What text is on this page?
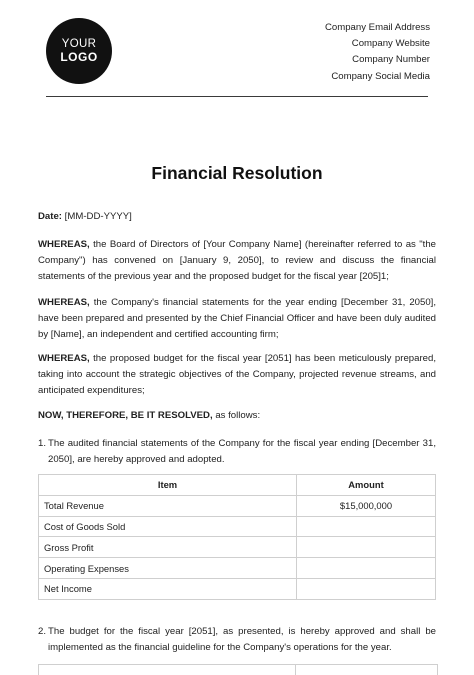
YOUR
LOGO
Company Email Address
Company Website
Company Number
Company Social Media
Financial Resolution
Date: [MM-DD-YYYY]

WHEREAS, the Board of Directors of [Your Company Name] (hereinafter referred to as "the Company") has convened on [January 9, 2050], to review and discuss the financial statements of the previous year and the proposed budget for the fiscal year [205]1;

WHEREAS, the Company's financial statements for the year ending [December 31, 2050], have been prepared and presented by the Chief Financial Officer and have been duly audited by [Name], an independent and certified accounting firm;

WHEREAS, the proposed budget for the fiscal year [2051] has been meticulously prepared, taking into account the strategic objectives of the Company, projected revenue streams, and anticipated expenditures;

NOW, THEREFORE, BE IT RESOLVED, as follows:
1. The audited financial statements of the Company for the fiscal year ending [December 31, 2050], are hereby approved and adopted.
Item	Amount
Total Revenue	$15,000,000
Cost of Goods Sold	
Gross Profit	
Operating Expenses	
Net Income	
2. The budget for the fiscal year [2051], as presented, is hereby approved and shall be implemented as the financial guideline for the Company's operations for the year.
